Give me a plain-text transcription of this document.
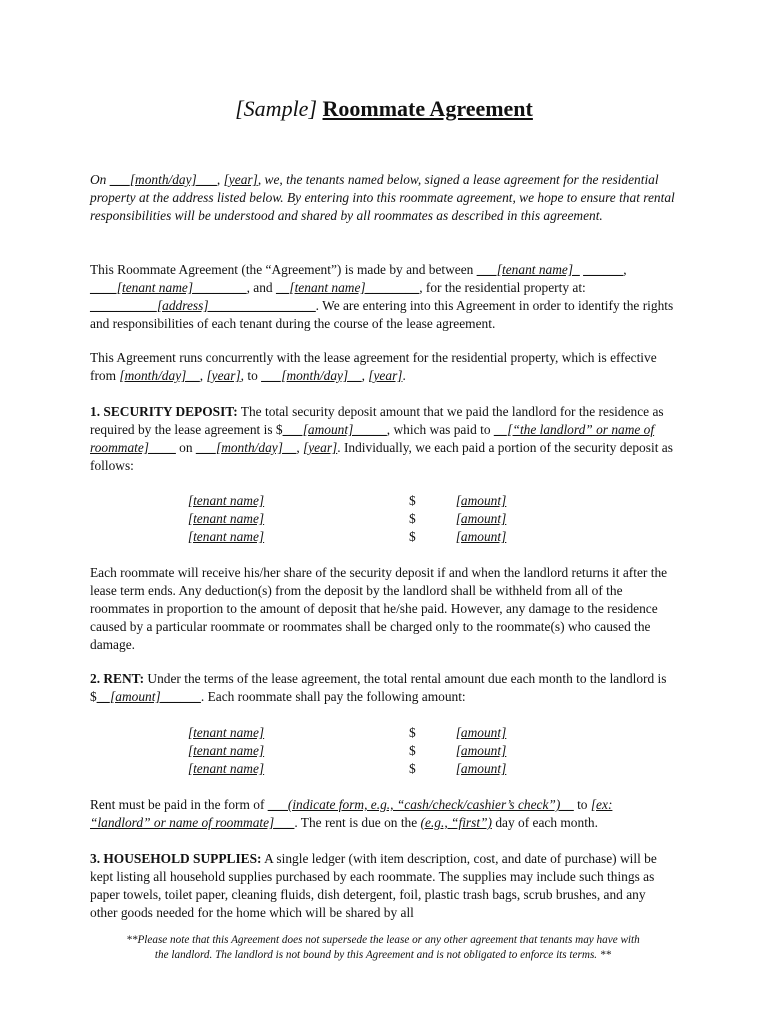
[Sample] Roommate Agreement

On ___[month/day]___, [year], we, the tenants named below, signed a lease agreement for the residential property at the address listed below. By entering into this roommate agreement, we hope to ensure that rental responsibilities will be understood and shared by all roommates as described in this agreement.

This Roommate Agreement (the “Agreement”) is made by and between ___[tenant name]_ ______, ____[tenant name]________, and __[tenant name]________, for the residential property at: __________[address]________________. We are entering into this Agreement in order to identify the rights and responsibilities of each tenant during the course of the lease agreement.

This Agreement runs concurrently with the lease agreement for the residential property, which is effective from [month/day]__, [year], to ___[month/day]__, [year].

1. SECURITY DEPOSIT: The total security deposit amount that we paid the landlord for the residence as required by the lease agreement is $___[amount]_____, which was paid to __[“the landlord” or name of roommate]____ on ___[month/day]__, [year]. Individually, we each paid a portion of the security deposit as follows:

[tenant name]	$	[amount]
[tenant name]	$	[amount]
[tenant name]	$	[amount]

Each roommate will receive his/her share of the security deposit if and when the landlord returns it after the lease term ends. Any deduction(s) from the deposit by the landlord shall be withheld from all of the roommates in proportion to the amount of deposit that he/she paid. However, any damage to the residence caused by a particular roommate or roommates shall be charged only to the roommate(s) who caused the damage.

2. RENT: Under the terms of the lease agreement, the total rental amount due each month to the landlord is $__[amount]______. Each roommate shall pay the following amount:

[tenant name]	$	[amount]
[tenant name]	$	[amount]
[tenant name]	$	[amount]

Rent must be paid in the form of ___(indicate form, e.g., “cash/check/cashier’s check”)__ to [ex: “landlord” or name of roommate]___. The rent is due on the (e.g., “first”) day of each month.

3. HOUSEHOLD SUPPLIES: A single ledger (with item description, cost, and date of purchase) will be kept listing all household supplies purchased by each roommate. The supplies may include such things as paper towels, toilet paper, cleaning fluids, dish detergent, foil, plastic trash bags, scrub brushes, and any other goods needed for the home which will be shared by all

**Please note that this Agreement does not supersede the lease or any other agreement that tenants may have with
the landlord. The landlord is not bound by this Agreement and is not obligated to enforce its terms. **
